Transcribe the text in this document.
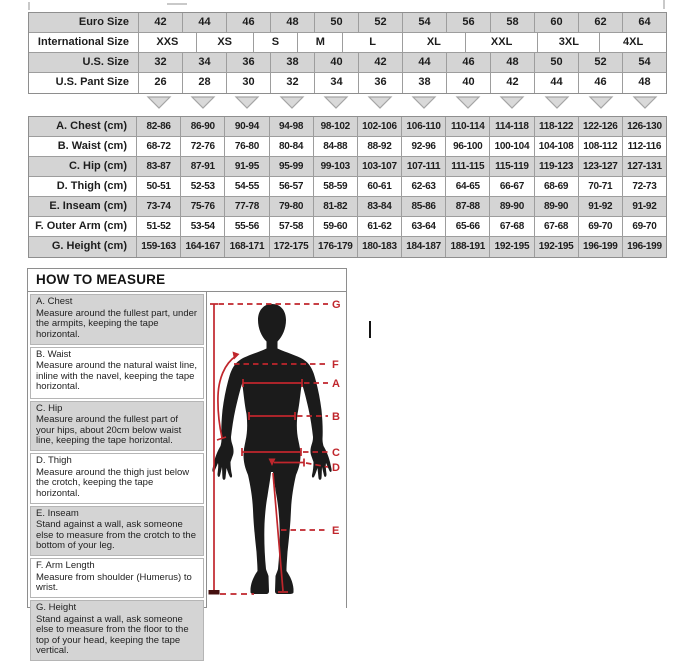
Euro Size	42	44	46	48	50	52	54	56	58	60	62	64
International Size	XXS	XS	S	M	L	XL	XXL	3XL	4XL
U.S. Size	32	34	36	38	40	42	44	46	48	50	52	54
U.S. Pant Size	26	28	30	32	34	36	38	40	42	44	46	48
A. Chest (cm)	82-86	86-90	90-94	94-98	98-102	102-106 106-110	110-114	114-118	118-122 122-126 126-130
B. Waist (cm)	68-72	72-76	76-80	80-84	84-88	88-92	92-96	96-100	100-104 104-108 108-112	112-116
C. Hip (cm)	83-87	87-91	91-95	95-99	99-103	103-107	107-111	111-115	115-119	119-123 123-127 127-131
D. Thigh (cm)	50-51	52-53	54-55	56-57	58-59	60-61	62-63	64-65	66-67	68-69	70-71	72-73
E. Inseam (cm)	73-74	75-76	77-78	79-80	81-82	83-84	85-86	87-88	89-90	89-90	91-92	91-92
F. Outer Arm (cm)	51-52	53-54	55-56	57-58	59-60	61-62	63-64	65-66	67-68	67-68	69-70	69-70
G. Height (cm)	159-163 164-167 168-171 172-175 176-179 180-183 184-187 188-191 192-195 192-195 196-199 196-199
HOW TO MEASURE
A. Chest
Measure around the fullest part, under the armpits, keeping the tape horizontal.
B. Waist
Measure around the natural waist line, inline with the navel, keeping the tape horizontal.
C. Hip
Measure around the fullest part of your hips, about 20cm below waist line, keeping the tape horizontal.
D. Thigh
Measure around the thigh just below the crotch, keeping the tape horizontal.
E. Inseam
Stand against a wall, ask someone else to measure from the crotch to the bottom of your leg.
F. Arm Length
Measure from shoulder (Humerus) to wrist.
G. Height
Stand against a wall, ask someone else to measure from the floor to the top of your head, keeping the tape vertical.
G
F
A
B
C
D
E
